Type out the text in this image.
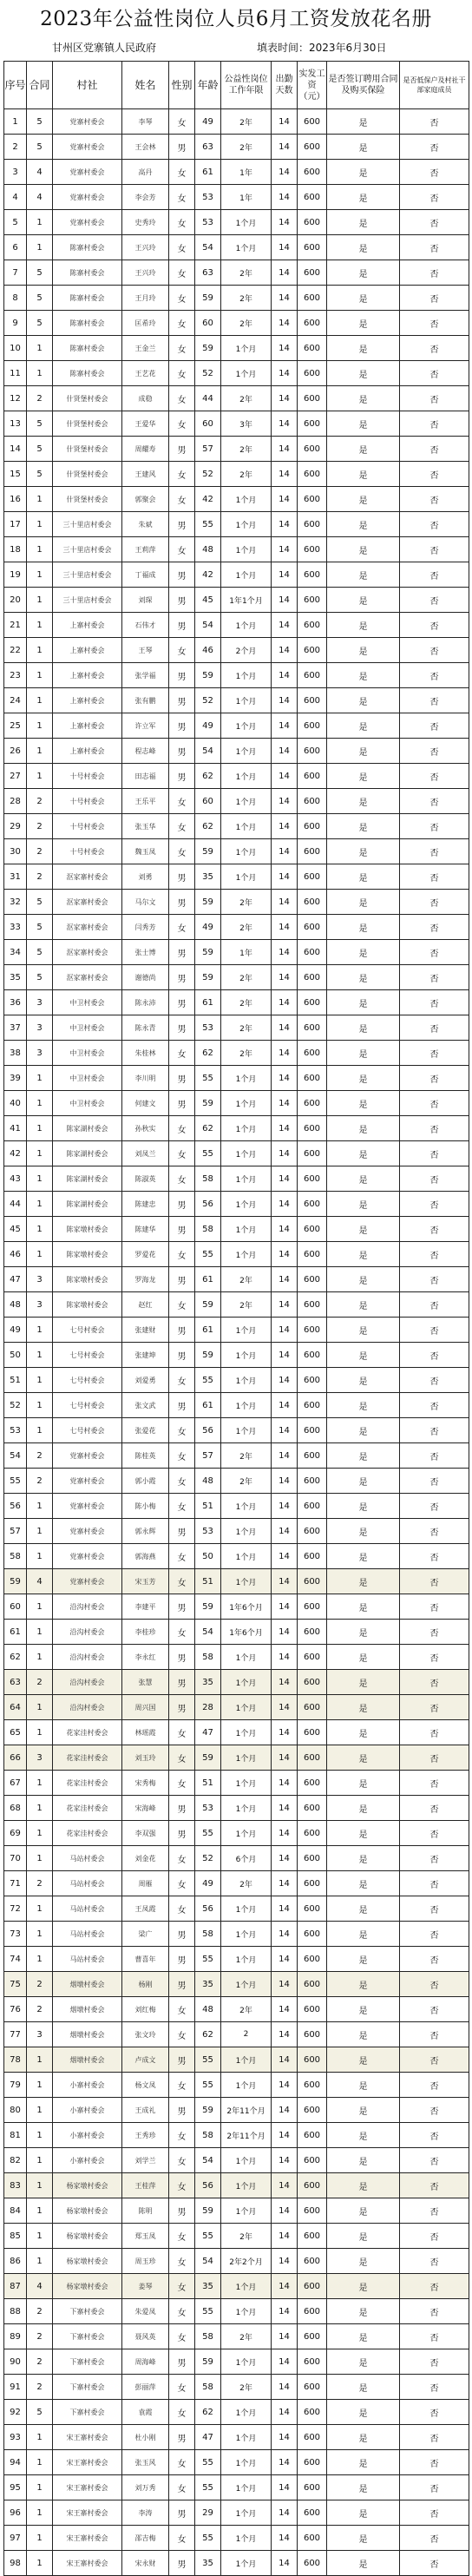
2023年公益性岗位人员6月工资发放花名册
甘州区党寨镇人民政府	填表时间：2023年6月30日
序号	合同	村社	姓名	性别	年龄	公益性岗位工作年限	出勤天数	实发工资（元）	是否签订聘用合同及购买保险	是否低保户及村社干部家庭成员
1	5	党寨村委会	李琴	女	49	2年	14	600	是	否
2	5	党寨村委会	王会林	男	63	2年	14	600	是	否
3	4	党寨村委会	高丹	女	61	1年	14	600	是	否
4	4	党寨村委会	李会芳	女	53	1年	14	600	是	否
5	1	党寨村委会	史秀玲	女	53	1个月	14	600	是	否
6	1	陈寨村委会	王兴玲	女	54	1个月	14	600	是	否
7	5	陈寨村委会	王兴玲	女	63	2年	14	600	是	否
8	5	陈寨村委会	王月玲	女	59	2年	14	600	是	否
9	5	陈寨村委会	匡希玲	女	60	2年	14	600	是	否
10	1	陈寨村委会	王金兰	女	59	1个月	14	600	是	否
11	1	陈寨村委会	王艺花	女	52	1个月	14	600	是	否
12	2	什贤堡村委会	成稳	女	44	2年	14	600	是	否
13	5	什贤堡村委会	王爱华	女	60	3年	14	600	是	否
14	5	什贤堡村委会	周耀寿	男	57	2年	14	600	是	否
15	5	什贤堡村委会	王建风	女	52	2年	14	600	是	否
16	1	什贤堡村委会	郭聚会	女	42	1个月	14	600	是	否
17	1	三十里店村委会	朱斌	男	55	1个月	14	600	是	否
18	1	三十里店村委会	王莉萍	女	48	1个月	14	600	是	否
19	1	三十里店村委会	丁福成	男	42	1个月	14	600	是	否
20	1	三十里店村委会	刘琛	男	45	1年1个月	14	600	是	否
21	1	上寨村委会	石伟才	男	54	1个月	14	600	是	否
22	1	上寨村委会	王琴	女	46	2个月	14	600	是	否
23	1	上寨村委会	张学福	男	59	1个月	14	600	是	否
24	1	上寨村委会	张有鹏	男	52	1个月	14	600	是	否
25	1	上寨村委会	许立军	男	49	1个月	14	600	是	否
26	1	上寨村委会	程志峰	男	54	1个月	14	600	是	否
27	1	十号村委会	田志福	男	62	1个月	14	600	是	否
28	2	十号村委会	王乐平	女	60	1个月	14	600	是	否
29	2	十号村委会	张玉华	女	62	1个月	14	600	是	否
30	2	十号村委会	魏玉凤	女	59	1个月	14	600	是	否
31	2	沤家寨村委会	刘勇	男	35	1个月	14	600	是	否
32	5	沤家寨村委会	马尔文	男	59	2年	14	600	是	否
33	5	沤家寨村委会	闫秀芳	女	49	2年	14	600	是	否
34	5	沤家寨村委会	张士博	男	59	1年	14	600	是	否
35	5	沤家寨村委会	谢德尚	男	59	2年	14	600	是	否
36	3	中卫村委会	陈永沛	男	61	2年	14	600	是	否
37	3	中卫村委会	陈永青	男	53	2年	14	600	是	否
38	3	中卫村委会	朱桂林	女	62	2年	14	600	是	否
39	1	中卫村委会	李川明	男	55	1个月	14	600	是	否
40	1	中卫村委会	何建文	男	59	1个月	14	600	是	否
41	1	陈家湖村委会	孙秋实	女	62	1个月	14	600	是	否
42	1	陈家湖村委会	刘凤兰	女	55	1个月	14	600	是	否
43	1	陈家湖村委会	陈淑英	女	58	1个月	14	600	是	否
44	1	陈家湖村委会	陈建忠	男	56	1个月	14	600	是	否
45	1	陈家墩村委会	陈建华	男	58	1个月	14	600	是	否
46	1	陈家墩村委会	罗爱花	女	55	1个月	14	600	是	否
47	3	陈家墩村委会	罗海龙	男	61	2年	14	600	是	否
48	3	陈家墩村委会	赵红	女	59	2年	14	600	是	否
49	1	七号村委会	张建财	男	61	1个月	14	600	是	否
50	1	七号村委会	张建坤	男	59	1个月	14	600	是	否
51	1	七号村委会	刘爱勇	女	55	1个月	14	600	是	否
52	1	七号村委会	张文武	男	61	1个月	14	600	是	否
53	1	七号村委会	张爱花	女	56	1个月	14	600	是	否
54	2	党寨村委会	陈桂英	女	57	2年	14	600	是	否
55	2	党寨村委会	郭小霞	女	48	2年	14	600	是	否
56	1	党寨村委会	陈小梅	女	51	1个月	14	600	是	否
57	1	党寨村委会	郭永辉	男	53	1个月	14	600	是	否
58	1	党寨村委会	郭海燕	女	50	1个月	14	600	是	否
59	4	党寨村委会	宋玉芳	女	51	1个月	14	600	是	否
60	1	沿沟村委会	李建平	男	59	1年6个月	14	600	是	否
61	1	沿沟村委会	李桂珍	女	54	1年6个月	14	600	是	否
62	1	沿沟村委会	李永红	男	58	1个月	14	600	是	否
63	2	沿沟村委会	张慧	男	35	1个月	14	600	是	否
64	1	沿沟村委会	周兴国	男	28	1个月	14	600	是	否
65	1	花家洼村委会	林瑶霞	女	47	1个月	14	600	是	否
66	3	花家洼村委会	刘玉玲	女	59	1个月	14	600	是	否
67	1	花家洼村委会	宋秀梅	女	51	1个月	14	600	是	否
68	1	花家洼村委会	宋海峰	男	53	1个月	14	600	是	否
69	1	花家洼村委会	李双强	男	55	1个月	14	600	是	否
70	1	马站村委会	刘金花	女	52	6个月	14	600	是	否
71	2	马站村委会	周雁	女	49	2年	14	600	是	否
72	1	马站村委会	王凤霞	女	56	1个月	14	600	是	否
73	1	马站村委会	梁广	男	58	1个月	14	600	是	否
74	1	马站村委会	曹喜年	男	55	1个月	14	600	是	否
75	2	烟墩村委会	杨刚	男	35	1个月	14	600	是	否
76	2	烟墩村委会	刘红梅	女	48	2年	14	600	是	否
77	3	烟墩村委会	张文玲	女	62	2	14	600	是	否
78	1	烟墩村委会	卢成文	男	55	1个月	14	600	是	否
79	1	小寨村委会	杨文凤	女	55	1个月	14	600	是	否
80	1	小寨村委会	王成礼	男	59	2年11个月	14	600	是	否
81	1	小寨村委会	王秀珍	女	58	2年11个月	14	600	是	否
82	1	小寨村委会	刘学兰	女	54	1个月	14	600	是	否
83	1	杨家墩村委会	王桂萍	女	56	1个月	14	600	是	否
84	1	杨家墩村委会	陈明	男	59	1个月	14	600	是	否
85	1	杨家墩村委会	郑玉凤	女	55	2年	14	600	是	否
86	1	杨家墩村委会	周玉珍	女	54	2年2个月	14	600	是	否
87	4	杨家墩村委会	姜琴	女	35	1个月	14	600	是	否
88	2	下寨村委会	朱爱凤	女	55	1个月	14	600	是	否
89	2	下寨村委会	聂风英	女	58	2年	14	600	是	否
90	2	下寨村委会	周海峰	男	59	1个月	14	600	是	否
91	2	下寨村委会	彭丽萍	女	58	2年	14	600	是	否
92	5	下寨村委会	袁霞	女	62	1个月	14	600	是	否
93	1	宋王寨村委会	杜小刚	男	47	1个月	14	600	是	否
94	1	宋王寨村委会	张玉风	女	55	1个月	14	600	是	否
95	1	宋王寨村委会	刘万秀	女	55	1个月	14	600	是	否
96	1	宋王寨村委会	李涛	男	29	1个月	14	600	是	否
97	1	宋王寨村委会	邵吉梅	女	55	1个月	14	600	是	否
98	1	宋王寨村委会	宋永财	男	35	1个月	14	600	是	否
